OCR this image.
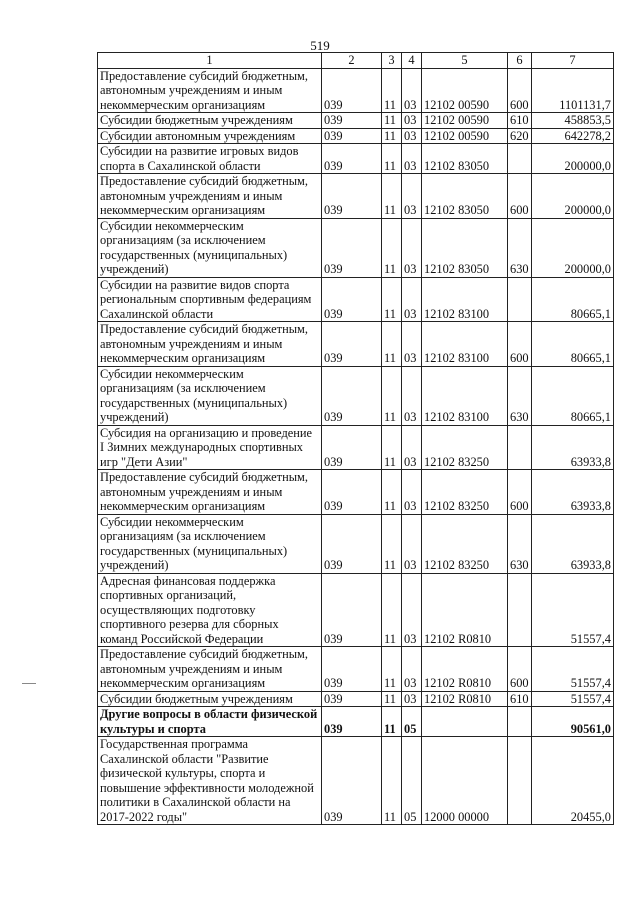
519
1	2	3	4	5	6	7
Предоставление субсидий бюджетным, автономным учреждениям и иным некоммерческим организациям	039	11	03	12102 00590	600	1101131,7
Субсидии бюджетным учреждениям	039	11	03	12102 00590	610	458853,5
Субсидии автономным учреждениям	039	11	03	12102 00590	620	642278,2
Субсидии на развитие игровых видов спорта в Сахалинской области	039	11	03	12102 83050		200000,0
Предоставление субсидий бюджетным, автономным учреждениям и иным некоммерческим организациям	039	11	03	12102 83050	600	200000,0
Субсидии некоммерческим организациям (за исключением государственных (муниципальных) учреждений)	039	11	03	12102 83050	630	200000,0
Субсидии на развитие видов спорта региональным спортивным федерациям Сахалинской области	039	11	03	12102 83100		80665,1
Предоставление субсидий бюджетным, автономным учреждениям и иным некоммерческим организациям	039	11	03	12102 83100	600	80665,1
Субсидии некоммерческим организациям (за исключением государственных (муниципальных) учреждений)	039	11	03	12102 83100	630	80665,1
Субсидия на организацию и проведение I Зимних международных спортивных игр "Дети Азии"	039	11	03	12102 83250		63933,8
Предоставление субсидий бюджетным, автономным учреждениям и иным некоммерческим организациям	039	11	03	12102 83250	600	63933,8
Субсидии некоммерческим организациям (за исключением государственных (муниципальных) учреждений)	039	11	03	12102 83250	630	63933,8
Адресная финансовая поддержка спортивных организаций, осуществляющих подготовку спортивного резерва для сборных команд Российской Федерации	039	11	03	12102 R0810		51557,4
Предоставление субсидий бюджетным, автономным учреждениям и иным некоммерческим организациям	039	11	03	12102 R0810	600	51557,4
Субсидии бюджетным учреждениям	039	11	03	12102 R0810	610	51557,4
Другие вопросы в области физической культуры и спорта	039	11	05			90561,0
Государственная программа Сахалинской области "Развитие физической культуры, спорта и повышение эффективности молодежной политики в Сахалинской области на 2017-2022 годы"	039	11	05	12000 00000		20455,0
